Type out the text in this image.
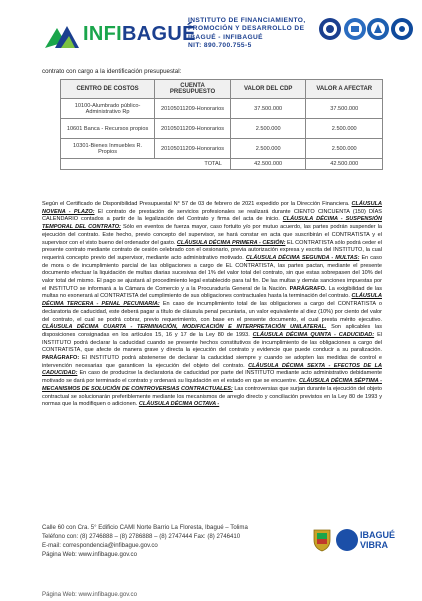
INFIBAGUÉ
INSTITUTO DE FINANCIAMIENTO,
PROMOCIÓN Y DESARROLLO DE
IBAGUÉ - INFIBAGUÉ
NIT: 890.700.755-5
contrato con cargo a la identificación presupuestal:
CENTRO DE COSTOS	CUENTA PRESUPUESTO	VALOR DEL CDP	VALOR A AFECTAR
10100-Alumbrado público-Administrativo Rp	20105011209-Honorarios	37.500.000	37.500.000
10601 Banca - Recursos propios	20105011209-Honorarios	2.500.000	2.500.000
10301-Bienes Inmuebles R. Propios	20105011209-Honorarios	2.500.000	2.500.000
TOTAL		42.500.000	42.500.000
Según el Certificado de Disponibilidad Presupuestal N° 57 de 03 de febrero de 2021 expedido por la Dirección Financiera. CLÁUSULA NOVENA - PLAZO: El contrato de prestación de servicios profesionales se realizará durante CIENTO CINCUENTA (150) DÍAS CALENDARIO contados a partir de la legalización del Contrato y firma del acta de inicio. CLÁUSULA DÉCIMA - SUSPENSIÓN TEMPORAL DEL CONTRATO: Sólo en eventos de fuerza mayor, caso fortuito y/o por mutuo acuerdo, las partes podrán suspender la ejecución del contrato. Este hecho, previo concepto del supervisor, se hará constar en acta que suscribirán el CONTRATISTA y el supervisor con el visto bueno del ordenador del gasto. CLÁUSULA DÉCIMA PRIMERA - CESIÓN: EL CONTRATISTA sólo podrá ceder el presente contrato mediante contrato de cesión celebrado con el cesionario, previa autorización expresa y escrita del INSTITUTO, la cual requerirá concepto previo del supervisor, mediante acto administrativo motivado. CLÁUSULA DÉCIMA SEGUNDA - MULTAS: En caso de mora o de incumplimiento parcial de las obligaciones a cargo de EL CONTRATISTA, las partes pactan, mediante el presente documento efectuar la liquidación de multas diarias sucesivas del 1% del valor total del contrato, sin que estas sobrepasen del 10% del valor total del mismo. El pago se ajustará al procedimiento legal establecido para tal fin. De las multas y demás sanciones impuestas por el INSTITUTO se informará a la Cámara de Comercio y a la Procuraduría General de la Nación. PARÁGRAFO. La exigibilidad de las multas no exonerará al CONTRATISTA del cumplimiento de sus obligaciones contractuales hasta la terminación del contrato. CLÁUSULA DÉCIMA TERCERA - PENAL PECUNIARIA: En caso de incumplimiento total de las obligaciones a cargo del CONTRATISTA o declaratoria de caducidad, este deberá pagar a título de cláusula penal pecuniaria, un valor equivalente al diez (10%) por ciento del valor del contrato, el cual se podrá cobrar, previo requerimiento, con base en el presente documento, el cual presta mérito ejecutivo. CLÁUSULA DÉCIMA CUARTA - TERMINACIÓN, MODIFICACIÓN E INTERPRETACIÓN UNILATERAL. Son aplicables las disposiciones consignadas en los artículos 15, 16 y 17 de la Ley 80 de 1993. CLÁUSULA DÉCIMA QUINTA - CADUCIDAD: El INSTITUTO podrá declarar la caducidad cuando se presente hechos constitutivos de incumplimiento de las obligaciones a cargo del CONTRATISTA, que afecte de manera grave y directa la ejecución del contrato y evidencie que puede conducir a su paralización. PARÁGRAFO: El INSTITUTO podrá abstenerse de declarar la caducidad siempre y cuando se adopten las medidas de control e intervención necesarias que garanticen la ejecución del objeto del contrato. CLÁUSULA DÉCIMA SEXTA - EFECTOS DE LA CADUCIDAD: En caso de producirse la declaratoria de caducidad por parte del INSTITUTO mediante acto administrativo debidamente motivado se dará por terminado el contrato y ordenará su liquidación en el estado en que se encuentre. CLÁUSULA DÉCIMA SÉPTIMA - MECANISMOS DE SOLUCIÓN DE CONTROVERSIAS CONTRACTUALES: Las controversias que surjan durante la ejecución del objeto contractual se solucionarán preferiblemente mediante los mecanismos de arreglo directo y conciliación previstos en la Ley 80 de 1993 y normas que la modifiquen o adicionen. CLÁUSULA DÉCIMA OCTAVA -
Calle 60 con Cra. 5° Edificio CAMI Norte Barrio La Floresta, Ibagué – Tolima
Teléfono con: (8) 2746888 – (8) 2786888 – (8) 2747444 Fax: (8) 2746410
E-mail: correspondencia@infibague.gov.co
Página Web: www.infibague.gov.co
IBAGUÉ
VIBRA
Página Web: www.infibague.gov.co
